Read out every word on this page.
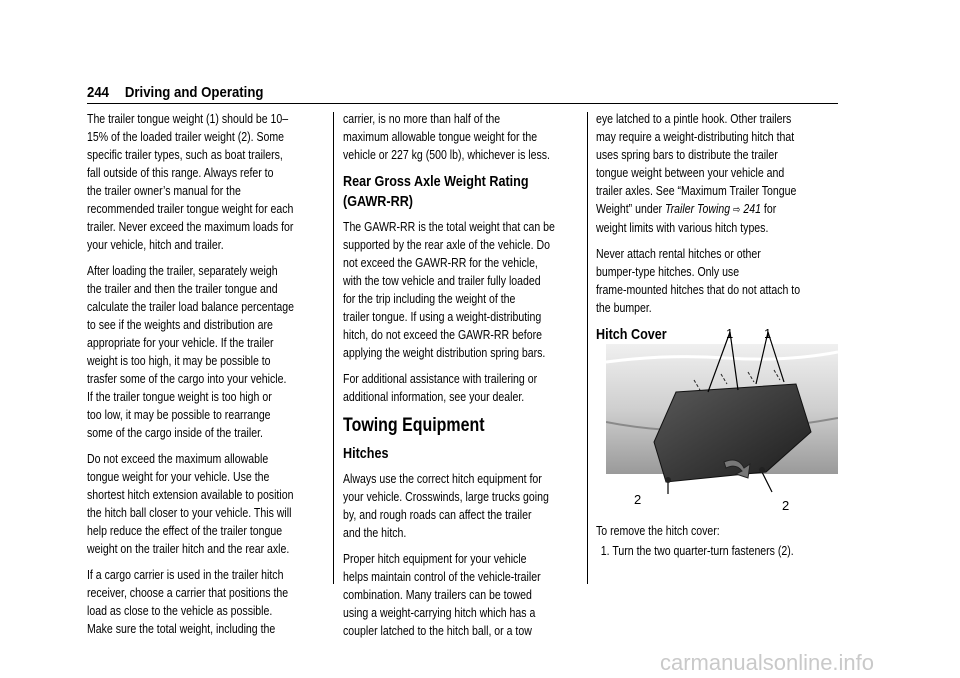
244 Driving and Operating
The trailer tongue weight (1) should be 10–
15% of the loaded trailer weight (2). Some
specific trailer types, such as boat trailers,
fall outside of this range. Always refer to
the trailer owner’s manual for the
recommended trailer tongue weight for each
trailer. Never exceed the maximum loads for
your vehicle, hitch and trailer.
After loading the trailer, separately weigh
the trailer and then the trailer tongue and
calculate the trailer load balance percentage
to see if the weights and distribution are
appropriate for your vehicle. If the trailer
weight is too high, it may be possible to
trasfer some of the cargo into your vehicle.
If the trailer tongue weight is too high or
too low, it may be possible to rearrange
some of the cargo inside of the trailer.
Do not exceed the maximum allowable
tongue weight for your vehicle. Use the
shortest hitch extension available to position
the hitch ball closer to your vehicle. This will
help reduce the effect of the trailer tongue
weight on the trailer hitch and the rear axle.
If a cargo carrier is used in the trailer hitch
receiver, choose a carrier that positions the
load as close to the vehicle as possible.
Make sure the total weight, including the
carrier, is no more than half of the
maximum allowable tongue weight for the
vehicle or 227 kg (500 lb), whichever is less.
Rear Gross Axle Weight Rating
(GAWR-RR)
The GAWR-RR is the total weight that can be
supported by the rear axle of the vehicle. Do
not exceed the GAWR-RR for the vehicle,
with the tow vehicle and trailer fully loaded
for the trip including the weight of the
trailer tongue. If using a weight-distributing
hitch, do not exceed the GAWR-RR before
applying the weight distribution spring bars.
For additional assistance with trailering or
additional information, see your dealer.
Towing Equipment
Hitches
Always use the correct hitch equipment for
your vehicle. Crosswinds, large trucks going
by, and rough roads can affect the trailer
and the hitch.
Proper hitch equipment for your vehicle
helps maintain control of the vehicle-trailer
combination. Many trailers can be towed
using a weight-carrying hitch which has a
coupler latched to the hitch ball, or a tow
eye latched to a pintle hook. Other trailers
may require a weight-distributing hitch that
uses spring bars to distribute the trailer
tongue weight between your vehicle and
trailer axles. See “Maximum Trailer Tongue
Weight” under Trailer Towing ⇨ 241 for
weight limits with various hitch types.
Never attach rental hitches or other
bumper-type hitches. Only use
frame-mounted hitches that do not attach to
the bumper.
Hitch Cover	1 1
2	2
To remove the hitch cover:
1. Turn the two quarter-turn fasteners (2).
carmanualsonline.info
